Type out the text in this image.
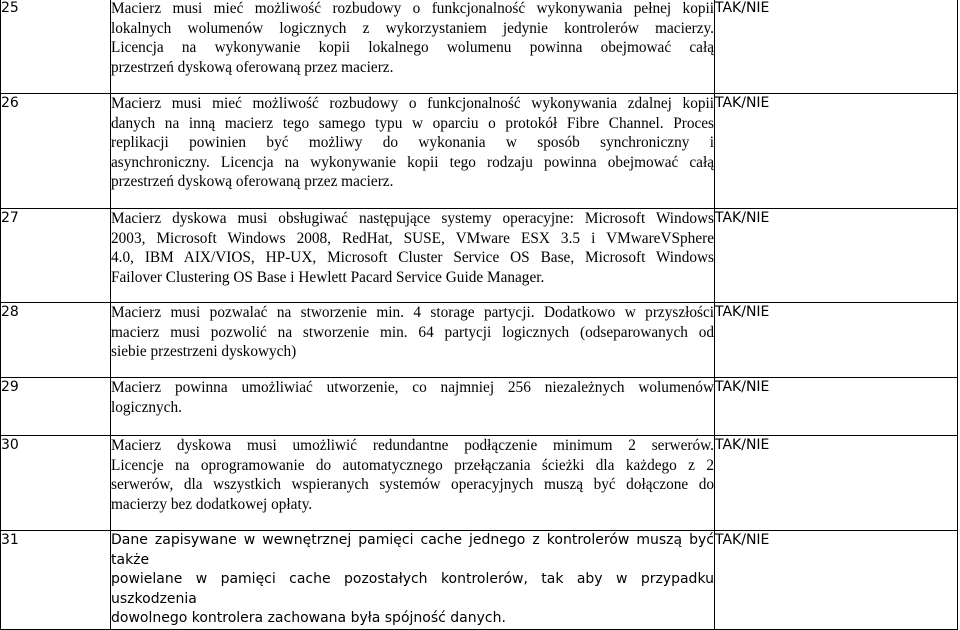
25	Macierz musi mieć możliwość rozbudowy o funkcjonalność wykonywania pełnej kopii
lokalnych wolumenów logicznych z wykorzystaniem jedynie kontrolerów macierzy.
Licencja na wykonywanie kopii lokalnego wolumenu powinna obejmować całą
przestrzeń dyskową oferowaną przez macierz.	TAK/NIE
26	Macierz musi mieć możliwość rozbudowy o funkcjonalność wykonywania zdalnej kopii
danych na inną macierz tego samego typu w oparciu o protokół Fibre Channel. Proces
replikacji powinien być możliwy do wykonania w sposób synchroniczny i
asynchroniczny. Licencja na wykonywanie kopii tego rodzaju powinna obejmować całą
przestrzeń dyskową oferowaną przez macierz.	TAK/NIE
27	Macierz dyskowa musi obsługiwać następujące systemy operacyjne: Microsoft Windows
2003, Microsoft Windows 2008, RedHat, SUSE, VMware ESX 3.5 i VMwareVSphere
4.0, IBM AIX/VIOS, HP-UX, Microsoft Cluster Service OS Base, Microsoft Windows
Failover Clustering OS Base i Hewlett Pacard Service Guide Manager.	TAK/NIE
28	Macierz musi pozwalać na stworzenie min. 4 storage partycji. Dodatkowo w przyszłości
macierz musi pozwolić na stworzenie min. 64 partycji logicznych (odseparowanych od
siebie przestrzeni dyskowych)	TAK/NIE
29	Macierz powinna umożliwiać utworzenie, co najmniej 256 niezależnych wolumenów
logicznych.	TAK/NIE
30	Macierz dyskowa musi umożliwić redundantne podłączenie minimum 2 serwerów.
Licencje na oprogramowanie do automatycznego przełączania ścieżki dla każdego z 2
serwerów, dla wszystkich wspieranych systemów operacyjnych muszą być dołączone do
macierzy bez dodatkowej opłaty.	TAK/NIE
31	Dane zapisywane w wewnętrznej pamięci cache jednego z kontrolerów muszą być także
powielane w pamięci cache pozostałych kontrolerów, tak aby w przypadku uszkodzenia
dowolnego kontrolera zachowana była spójność danych.	TAK/NIE
